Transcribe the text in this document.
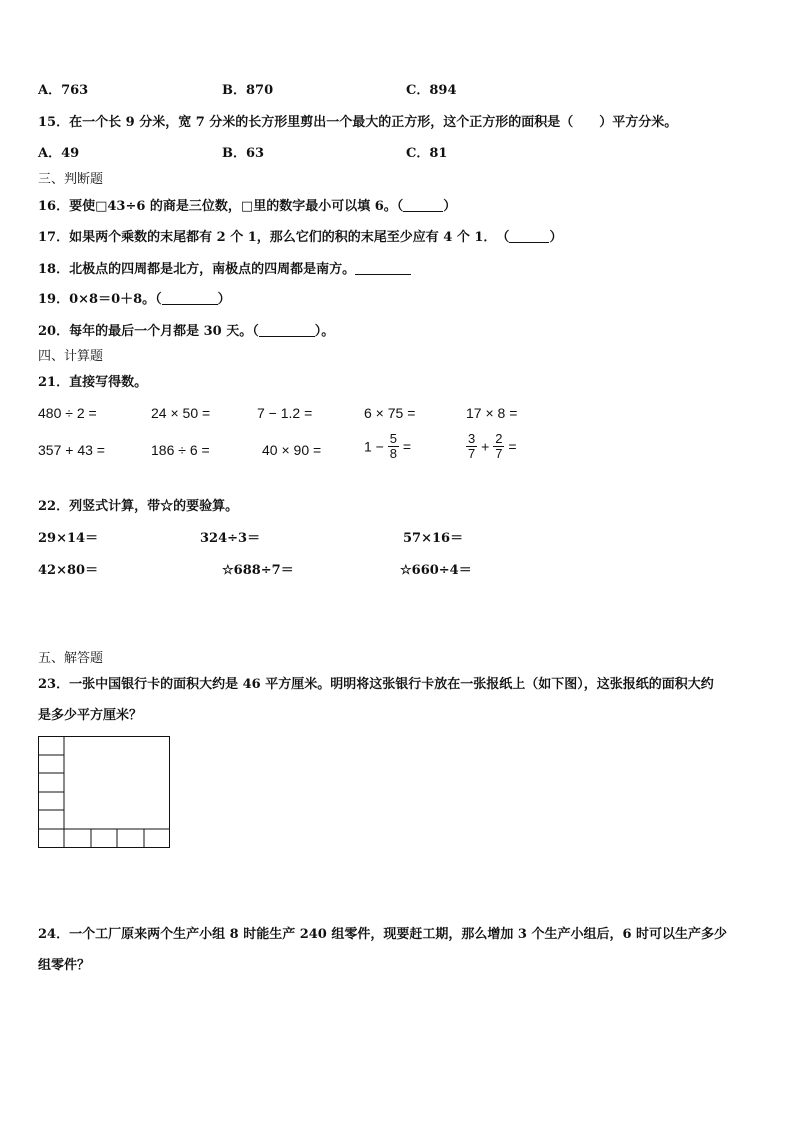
A．763	B．870	C．894
15．在一个长 9 分米，宽 7 分米的长方形里剪出一个最大的正方形，这个正方形的面积是（　　）平方分米。
A．49	B．63	C．81
三、判断题
16．要使□43÷6 的商是三位数，□里的数字最小可以填 6。（	）
17．如果两个乘数的末尾都有 2 个 1，那么它们的积的末尾至少应有 4 个 1．　（	）
18．北极点的四周都是北方，南极点的四周都是南方。
19．0×8＝0＋8。（	）
20．每年的最后一个月都是 30 天。（	）。
四、计算题
21．直接写得数。
480 ÷ 2 =	24 × 50 =	7 − 1.2 =	6 × 75 =	17 × 8 =
357 + 43 =	186 ÷ 6 =	40 × 90 =	$1 - \frac{5}{8}$ =	$\frac{3}{7} + \frac{2}{7}$ =
22．列竖式计算，带☆的要验算。
29×14＝	324÷3＝	57×16＝
42×80＝	☆688÷7＝	☆660÷4＝
五、解答题
23．一张中国银行卡的面积大约是 46 平方厘米。明明将这张银行卡放在一张报纸上（如下图），这张报纸的面积大约
是多少平方厘米？
24．一个工厂原来两个生产小组 8 时能生产 240 组零件，现要赶工期，那么增加 3 个生产小组后，6 时可以生产多少
组零件？
